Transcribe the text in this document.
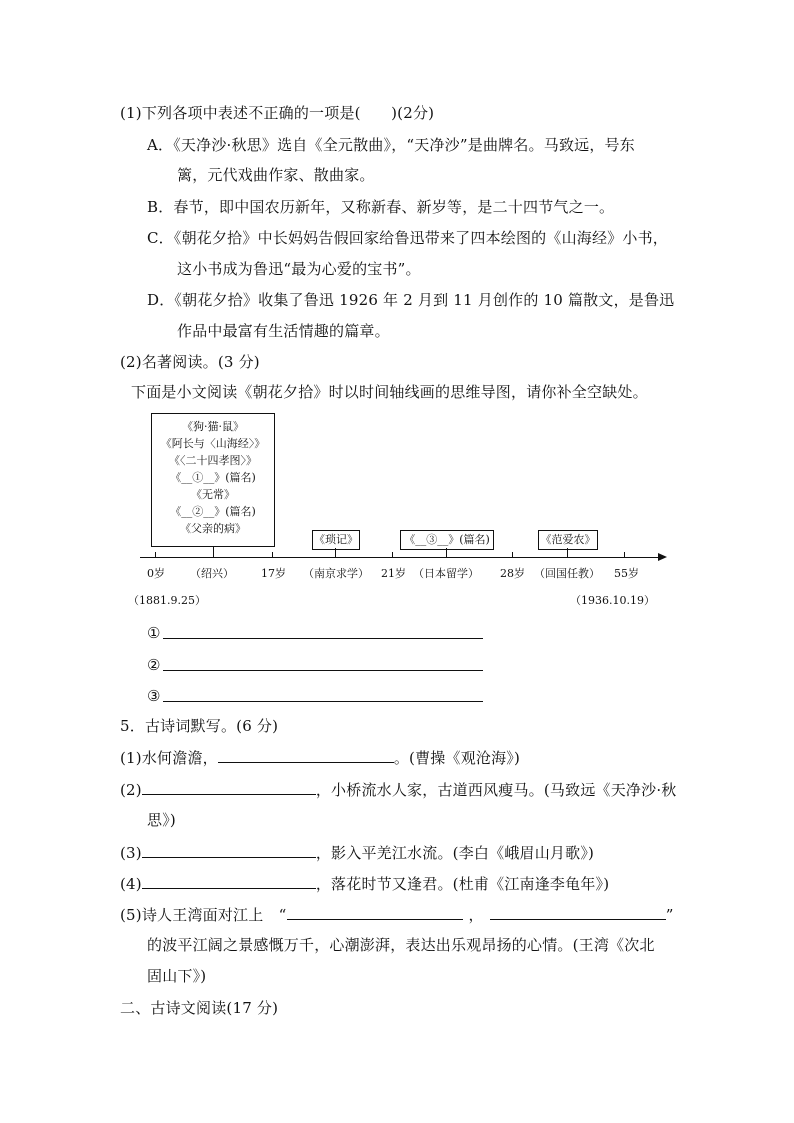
(1)下列各项中表述不正确的一项是(　　)(2分)
A．《天净沙·秋思》选自《全元散曲》，“天净沙”是曲牌名。马致远，号东
篱，元代戏曲作家、散曲家。
B．春节，即中国农历新年，又称新春、新岁等，是二十四节气之一。
C．《朝花夕拾》中长妈妈告假回家给鲁迅带来了四本绘图的《山海经》小书，
这小书成为鲁迅“最为心爱的宝书”。
D．《朝花夕拾》收集了鲁迅 1926 年 2 月到 11 月创作的 10 篇散文，是鲁迅
作品中最富有生活情趣的篇章。
(2)名著阅读。(3 分)
下面是小文阅读《朝花夕拾》时以时间轴线画的思维导图，请你补全空缺处。
《狗·猫·鼠》
《阿长与〈山海经〉》
《〈二十四孝图〉》
《__①__》(篇名)
《无常》
《__②__》(篇名)
《父亲的病》
《琐记》	《__③__》(篇名)	《范爱农》
0岁 （绍兴） 17岁 （南京求学） 21岁 （日本留学） 28岁 （回国任教） 55岁
（1881.9.25）	（1936.10.19）
①
②
③
5．古诗词默写。(6 分)
(1)水何澹澹，	。(曹操《观沧海》)
(2)	，小桥流水人家，古道西风瘦马。(马致远《天净沙·秋
思》)
(3)	，影入平羌江水流。(李白《峨眉山月歌》)
(4)	，落花时节又逢君。(杜甫《江南逢李龟年》)
(5)诗人王湾面对江上　“	，	”
的波平江阔之景感慨万千，心潮澎湃，表达出乐观昂扬的心情。(王湾《次北
固山下》)
二、古诗文阅读(17 分)
